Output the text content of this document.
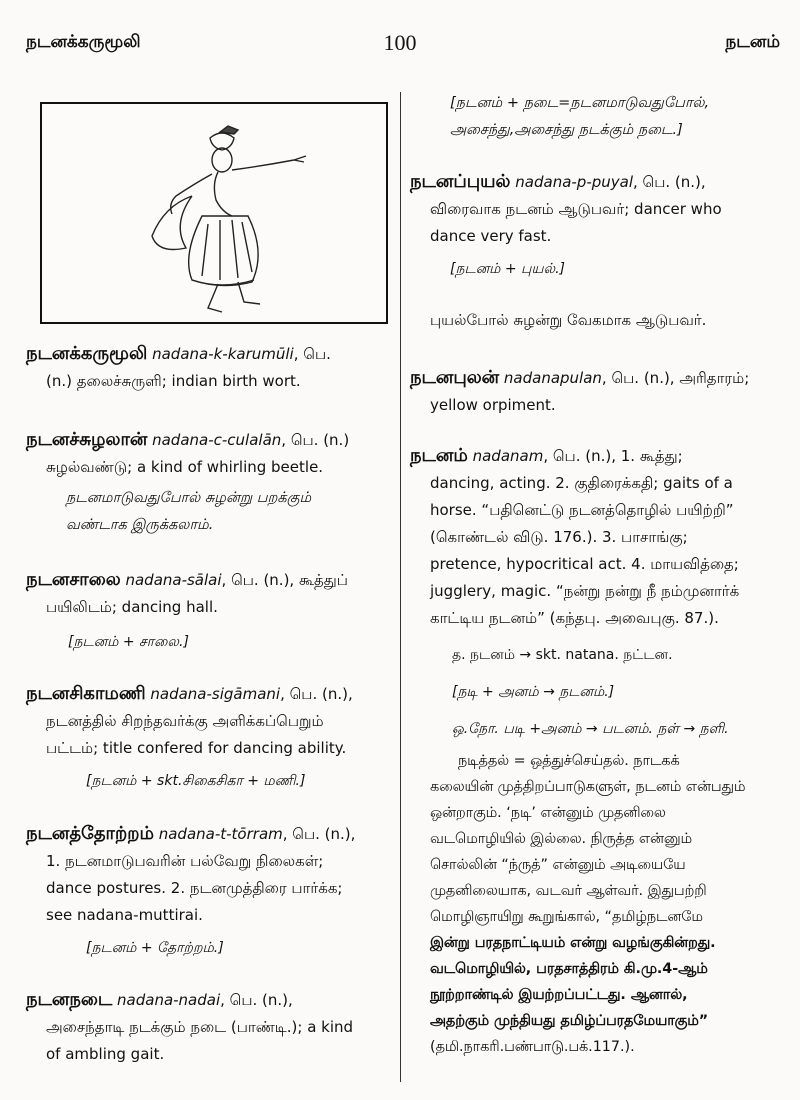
நடனக்கருமூலி	100	நடனம்
நடனக்கருமூலி nadana-k-karumūli, பெ.
(n.) தலைச்சுருளி; indian birth wort.
நடனச்சுழலான் nadana-c-culalān, பெ. (n.)
சுழல்வண்டு; a kind of whirling beetle.
நடனமாடுவதுபோல் சுழன்று பறக்கும்
வண்டாக இருக்கலாம்.
நடனசாலை nadana-sālai, பெ. (n.), கூத்துப்
பயிலிடம்; dancing hall.
[நடனம் + சாலை.]
நடனசிகாமணி nadana-sigāmani, பெ. (n.),
நடனத்தில் சிறந்தவர்க்கு அளிக்கப்பெறும்
பட்டம்; title confered for dancing ability.
[நடனம் + skt.சிகைசிகா + மணி.]
நடனத்தோற்றம் nadana-t-tōrram, பெ. (n.),
1. நடனமாடுபவரின் பல்வேறு நிலைகள்;
dance postures. 2. நடனமுத்திரை பார்க்க;
see nadana-muttirai.
[நடனம் + தோற்றம்.]
நடனநடை nadana-nadai, பெ. (n.),
அசைந்தாடி நடக்கும் நடை (பாண்டி.); a kind
of ambling gait.
[நடனம் + நடை=நடனமாடுவதுபோல்,
அசைந்து,அசைந்து நடக்கும் நடை.]
நடனப்புயல் nadana-p-puyal, பெ. (n.),
விரைவாக நடனம் ஆடுபவர்; dancer who
dance very fast.
[நடனம் + புயல்.]
புயல்போல் சுழன்று வேகமாக ஆடுபவர்.
நடனபுலன் nadanapulan, பெ. (n.), அரிதாரம்;
yellow orpiment.
நடனம் nadanam, பெ. (n.), 1. கூத்து;
dancing, acting. 2. குதிரைக்கதி; gaits of a
horse. “பதினெட்டு நடனத்தொழில் பயிற்றி”
(கொண்டல் விடு. 176.). 3. பாசாங்கு;
pretence, hypocritical act. 4. மாயவித்தை;
jugglery, magic. “நன்று நன்று நீ நம்முனார்க்
காட்டிய நடனம்” (கந்தபு. அவைபுகு. 87.).
த. நடனம் → skt. natana. நட்டன.
[நடி + அனம் → நடனம்.]
ஒ.நோ. படி +அனம் → படனம். நள் → நளி.
நடித்தல் = ஒத்துச்செய்தல். நாடகக்
கலையின் முத்திறப்பாடுகளுள், நடனம் என்பதும்
ஒன்றாகும். ‘நடி’ என்னும் முதனிலை
வடமொழியில் இல்லை. நிருத்த என்னும்
சொல்லின் “ந்ருத்” என்னும் அடியையே
முதனிலையாக, வடவர் ஆள்வர். இதுபற்றி
மொழிஞாயிறு கூறுங்கால், “தமிழ்நடனமே
இன்று பரதநாட்டியம் என்று வழங்குகின்றது.
வடமொழியில், பரதசாத்திரம் கி.மு.4-ஆம்
நூற்றாண்டில் இயற்றப்பட்டது. ஆனால்,
அதற்கும் முந்தியது தமிழ்ப்பரதமேயாகும்”
(தமி.நாகரி.பண்பாடு.பக்.117.).
